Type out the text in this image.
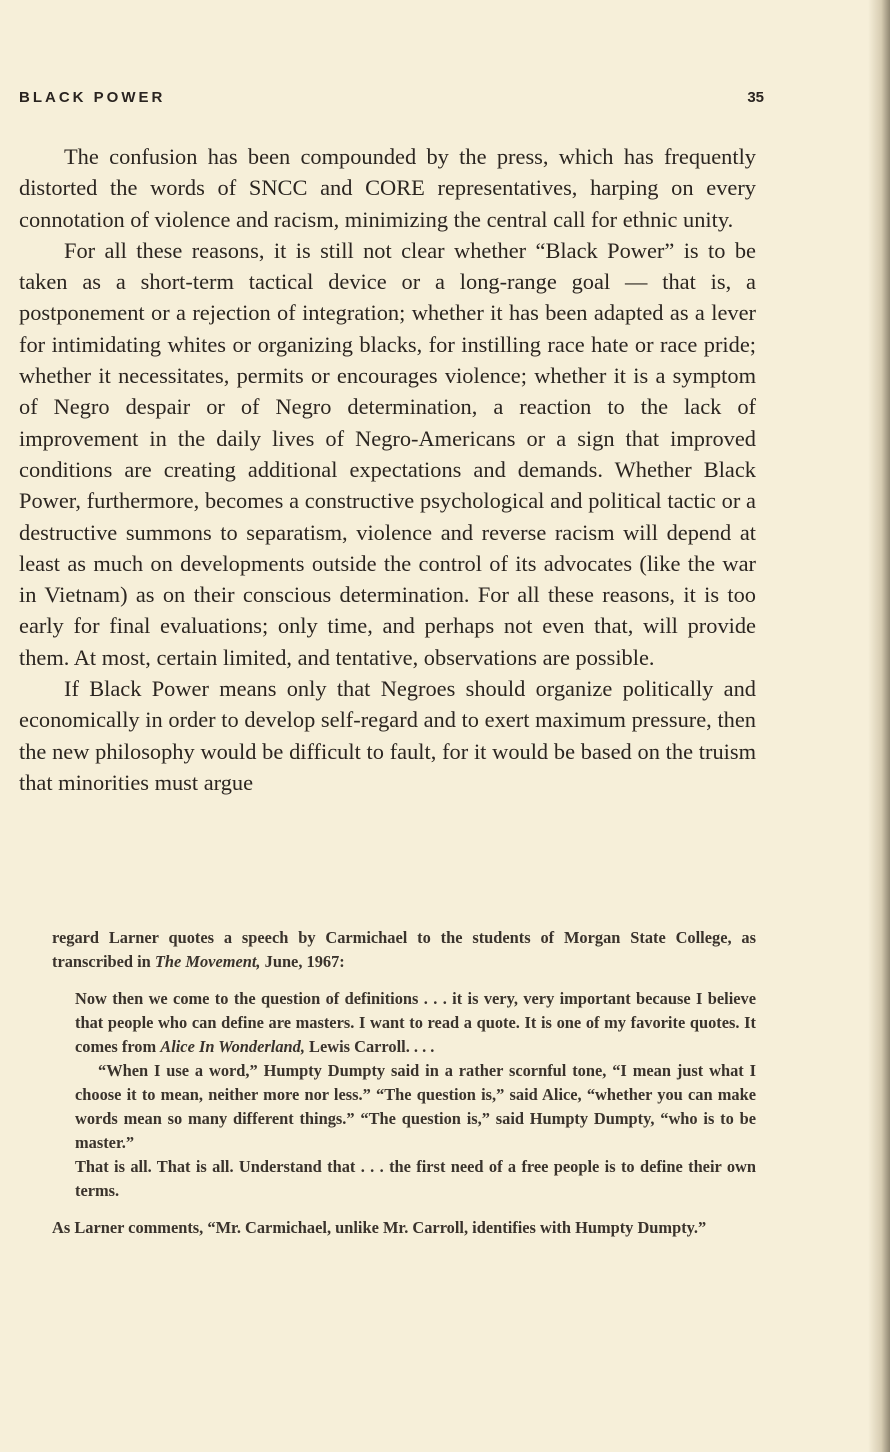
BLACK POWER	35

The confusion has been compounded by the press, which has frequently distorted the words of SNCC and CORE representatives, harping on every connotation of violence and racism, minimizing the central call for ethnic unity.

For all these reasons, it is still not clear whether “Black Power” is to be taken as a short-term tactical device or a long-range goal — that is, a postponement or a rejection of integration; whether it has been adapted as a lever for intimidating whites or organizing blacks, for instilling race hate or race pride; whether it necessitates, permits or encourages violence; whether it is a symptom of Negro despair or of Negro determination, a reaction to the lack of improvement in the daily lives of Negro-Americans or a sign that improved conditions are creating additional expectations and demands. Whether Black Power, furthermore, becomes a constructive psychological and political tactic or a destructive summons to separatism, violence and reverse racism will depend at least as much on developments outside the control of its advocates (like the war in Vietnam) as on their conscious determination. For all these reasons, it is too early for final evaluations; only time, and perhaps not even that, will provide them. At most, certain limited, and tentative, observations are possible.

If Black Power means only that Negroes should organize politically and economically in order to develop self-regard and to exert maximum pressure, then the new philosophy would be difficult to fault, for it would be based on the truism that minorities must argue

regard Larner quotes a speech by Carmichael to the students of Morgan State College, as transcribed in The Movement, June, 1967:

Now then we come to the question of definitions . . . it is very, very important because I believe that people who can define are masters. I want to read a quote. It is one of my favorite quotes. It comes from Alice In Wonderland, Lewis Carroll. . . .

“When I use a word,” Humpty Dumpty said in a rather scornful tone, “I mean just what I choose it to mean, neither more nor less.” “The question is,” said Alice, “whether you can make words mean so many different things.” “The question is,” said Humpty Dumpty, “who is to be master.”

That is all. That is all. Understand that . . . the first need of a free people is to define their own terms.

As Larner comments, “Mr. Carmichael, unlike Mr. Carroll, identifies with Humpty Dumpty.”
